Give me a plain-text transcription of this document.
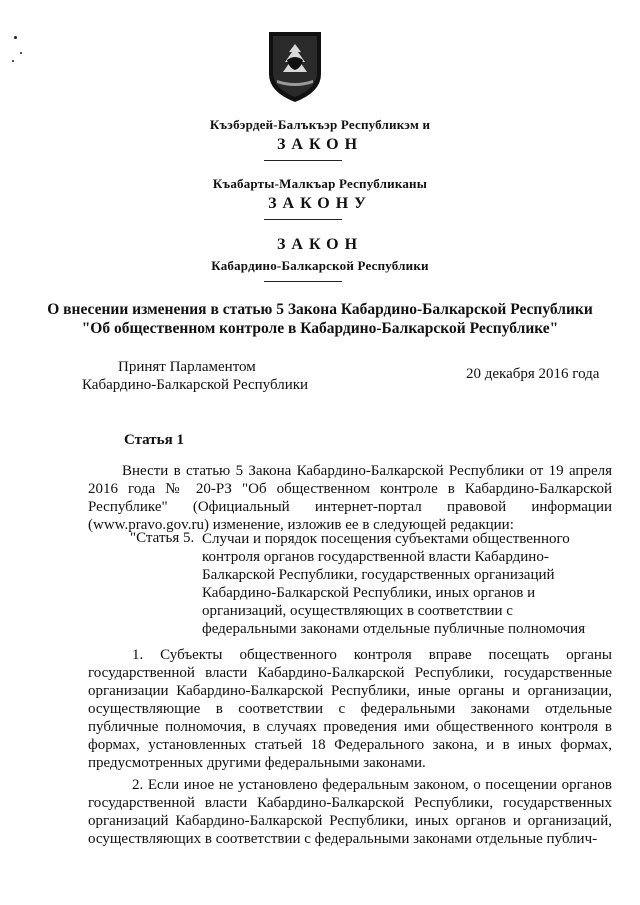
Къэбэрдей-Балъкъэр Республикэм и
ЗАКОН
Къабарты-Малкъар Республиканы
ЗАКОНУ
ЗАКОН
Кабардино-Балкарской Республики
О внесении изменения в статью 5 Закона Кабардино-Балкарской Республики
"Об общественном контроле в Кабардино-Балкарской Республике"
Принят Парламентом
Кабардино-Балкарской Республики
20 декабря 2016 года
Статья 1
Внести в статью 5 Закона Кабардино-Балкарской Республики от 19 апреля 2016 года № 20-РЗ "Об общественном контроле в Кабардино-Балкарской Республике" (Официальный интернет-портал правовой информации (www.pravo.gov.ru) изменение, изложив ее в следующей редакции:
"Статья 5. Случаи и порядок посещения субъектами общественного контроля органов государственной власти Кабардино-Балкарской Республики, государственных организаций Кабардино-Балкарской Республики, иных органов и организаций, осуществляющих в соответствии с федеральными законами отдельные публичные полномочия
1. Субъекты общественного контроля вправе посещать органы государственной власти Кабардино-Балкарской Республики, государственные организации Кабардино-Балкарской Республики, иные органы и организации, осуществляющие в соответствии с федеральными законами отдельные публичные полномочия, в случаях проведения ими общественного контроля в формах, установленных статьей 18 Федерального закона, и в иных формах, предусмотренных другими федеральными законами.
2. Если иное не установлено федеральным законом, о посещении органов государственной власти Кабардино-Балкарской Республики, государственных организаций Кабардино-Балкарской Республики, иных органов и организаций, осуществляющих в соответствии с федеральными законами отдельные публич-
